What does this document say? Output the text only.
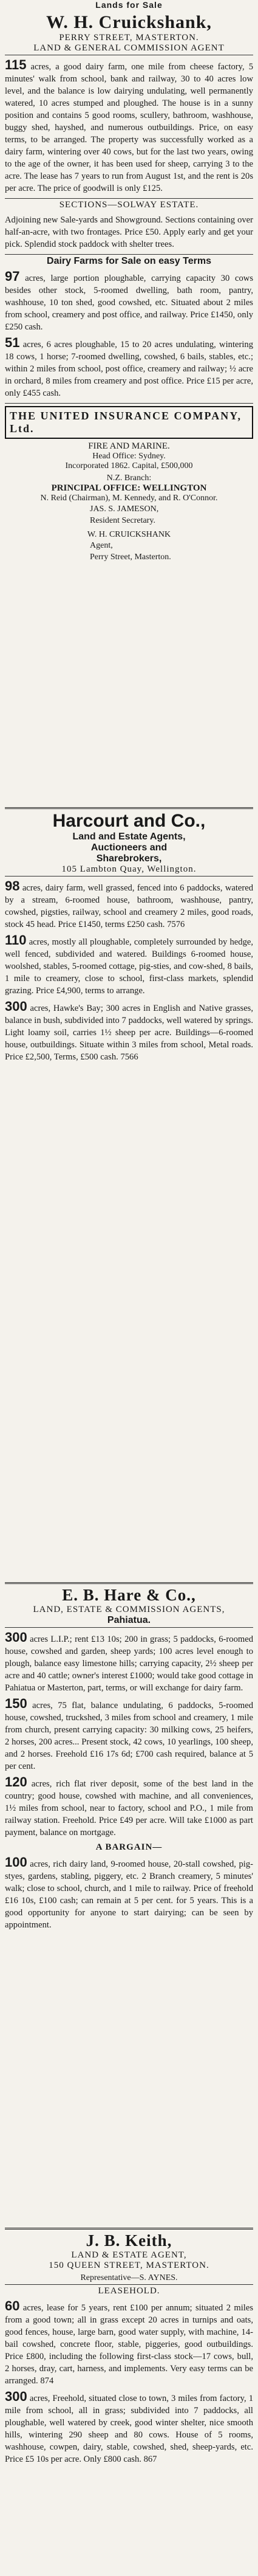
Lands for Sale
W. H. Cruickshank,
PERRY STREET, MASTERTON.
LAND & GENERAL COMMISSION AGENT

115 acres, a good dairy farm, one mile from cheese factory, 5 minutes' walk from school, bank and railway, 30 to 40 acres low level, and the balance is low dairying undulating, well permanently watered, 10 acres stumped and ploughed. The house is in a sunny position and contains 5 good rooms, scullery, bathroom, washhouse, buggy shed, hayshed, and numerous outbuildings. Price, on easy terms, to be arranged. The property was successfully worked as a dairy farm, wintering over 40 cows, but for the last two years, owing to the age of the owner, it has been used for sheep, carrying 3 to the acre. The lease has 7 years to run from August 1st, and the rent is 20s per acre. The price of goodwill is only £125.

SECTIONS—SOLWAY ESTATE.

Adjoining new Sale-yards and Showground. Sections containing over half-an-acre, with two frontages. Price £50. Apply early and get your pick. Splendid stock paddock with shelter trees.

Dairy Farms for Sale on easy Terms

97 acres, large portion ploughable, carrying capacity 30 cows besides other stock, 5-roomed dwelling, bath room, pantry, washhouse, 10 ton shed, good cowshed, etc. Situated about 2 miles from school, creamery and post office, and railway. Price £1450, only £250 cash.

51 acres, 6 acres ploughable, 15 to 20 acres undulating, wintering 18 cows, 1 horse; 7-roomed dwelling, cowshed, 6 bails, stables, etc.; within 2 miles from school, post office, creamery and railway; ½ acre in orchard, 8 miles from creamery and post office. Price £15 per acre, only £455 cash.

THE UNITED INSURANCE COMPANY, Ltd.
FIRE AND MARINE.
Head Office: Sydney.
Incorporated 1862. Capital, £500,000
N.Z. Branch:
PRINCIPAL OFFICE: WELLINGTON
N. Reid (Chairman), M. Kennedy, and R. O'Connor.
JAS. S. JAMESON,
Resident Secretary.
W. H. CRUICKSHANK
Agent,
Perry Street, Masterton.
Harcourt and Co.,
Land and Estate Agents,
Auctioneers and
Sharebrokers,
105 Lambton Quay, Wellington.

98 acres, dairy farm, well grassed, fenced into 6 paddocks, watered by a stream, 6-roomed house, bathroom, washhouse, pantry, cowshed, pigsties, railway, school and creamery 2 miles, good roads, stock 45 head. Price £1450, terms £250 cash. 7576

110 acres, mostly all ploughable, completely surrounded by hedge, well fenced, subdivided and watered. Buildings 6-roomed house, woolshed, stables, 5-roomed cottage, pig-sties, and cow-shed, 8 bails, 1 mile to creamery, close to school, first-class markets, splendid grazing. Price £4,900, terms to arrange.

300 acres, Hawke's Bay; 300 acres in English and Native grasses, balance in bush, subdivided into 7 paddocks, well watered by springs. Light loamy soil, carries 1½ sheep per acre. Buildings—6-roomed house, outbuildings. Situate within 3 miles from school, Metal roads. Price £2,500, Terms, £500 cash. 7566

E. B. Hare & Co.,
LAND, ESTATE & COMMISSION AGENTS,
Pahiatua.

300 acres L.I.P.; rent £13 10s; 200 in grass; 5 paddocks, 6-roomed house, cowshed and garden, sheep yards; 100 acres level enough to plough, balance easy limestone hills; carrying capacity, 2½ sheep per acre and 40 cattle; owner's interest £1000; would take good cottage in Pahiatua or Masterton, part, terms, or will exchange for dairy farm.

150 acres, 75 flat, balance undulating, 6 paddocks, 5-roomed house, cowshed, truckshed, 3 miles from school and creamery, 1 mile from church, present carrying capacity: 30 milking cows, 25 heifers, 2 horses, 200 acres... Present stock, 42 cows, 10 yearlings, 100 sheep, and 2 horses. Freehold £16 17s 6d; £700 cash required, balance at 5 per cent.

120 acres, rich flat river deposit, some of the best land in the country; good house, cowshed with machine, and all conveniences, 1½ miles from school, near to factory, school and P.O., 1 mile from railway station. Freehold. Price £49 per acre. Will take £1000 as part payment, balance on mortgage.

A BARGAIN—

100 acres, rich dairy land, 9-roomed house, 20-stall cowshed, pig-styes, gardens, stabling, piggery, etc. 2 Branch creamery, 5 minutes' walk; close to school, church, and 1 mile to railway. Price of freehold £16 10s, £100 cash; can remain at 5 per cent. for 5 years. This is a good opportunity for anyone to start dairying; can be seen by appointment.

J. B. Keith,
LAND & ESTATE AGENT,
150 QUEEN STREET, MASTERTON.
Representative—S. AYNES.
LEASEHOLD.

60 acres, lease for 5 years, rent £100 per annum; situated 2 miles from a good town; all in grass except 20 acres in turnips and oats, good fences, house, large barn, good water supply, with machine, 14-bail cowshed, concrete floor, stable, piggeries, good outbuildings. Price £800, including the following first-class stock—17 cows, bull, 2 horses, dray, cart, harness, and implements. Very easy terms can be arranged. 874

300 acres, Freehold, situated close to town, 3 miles from factory, 1 mile from school, all in grass; subdivided into 7 paddocks, all ploughable, well watered by creek, good winter shelter, nice smooth hills, wintering 290 sheep and 80 cows. House of 5 rooms, washhouse, cowpen, dairy, stable, cowshed, shed, sheep-yards, etc. Price £5 10s per acre. Only £800 cash. 867
